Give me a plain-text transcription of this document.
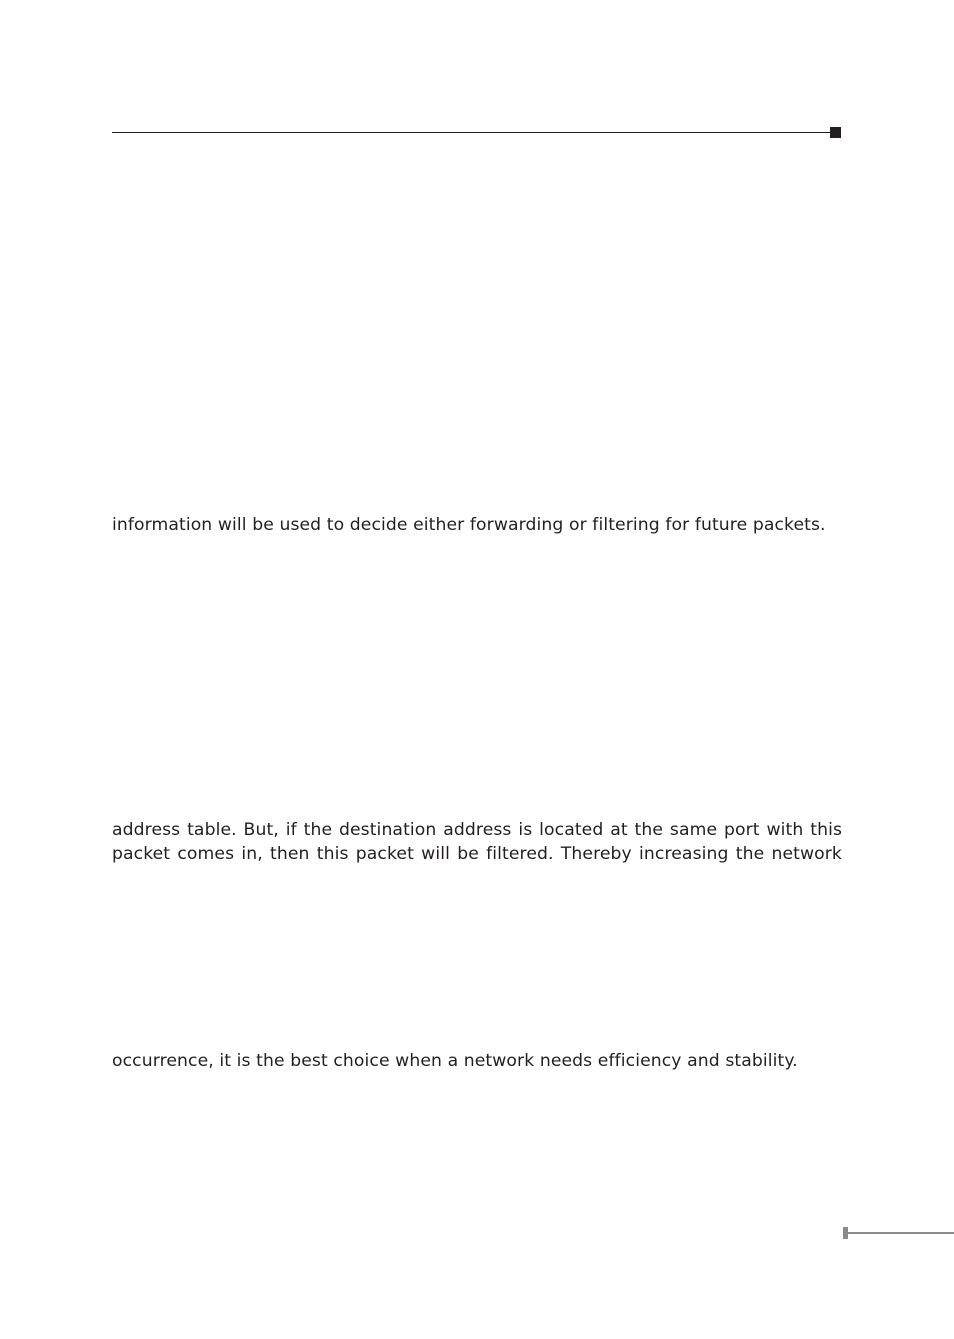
information will be used to decide either forwarding or filtering for future packets.

address table. But, if the destination address is located at the same port with this
packet comes in, then this packet will be filtered. Thereby increasing the network

occurrence, it is the best choice when a network needs efficiency and stability.
